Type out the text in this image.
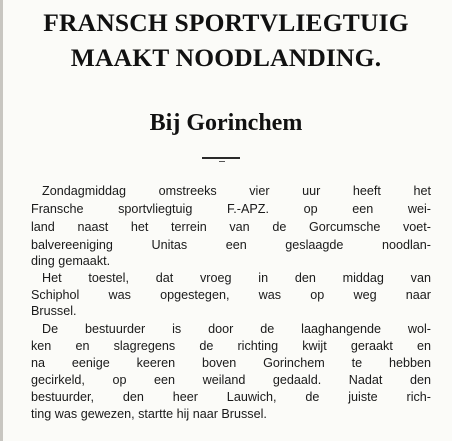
FRANSCH SPORTVLIEGTUIG
MAAKT NOODLANDING.
Bij Gorinchem
Zondagmiddag omstreeks vier uur heeft het
Fransche sportvliegtuig F.-APZ. op een wei-
land naast het terrein van de Gorcumsche voet-
balvereeniging Unitas een geslaagde noodlan-
ding gemaakt.
Het toestel, dat vroeg in den middag van
Schiphol was opgestegen, was op weg naar
Brussel.
De bestuurder is door de laaghangende wol-
ken en slagregens de richting kwijt geraakt en
na eenige keeren boven Gorinchem te hebben
gecirkeld, op een weiland gedaald. Nadat den
bestuurder, den heer Lauwich, de juiste rich-
ting was gewezen, startte hij naar Brussel.
